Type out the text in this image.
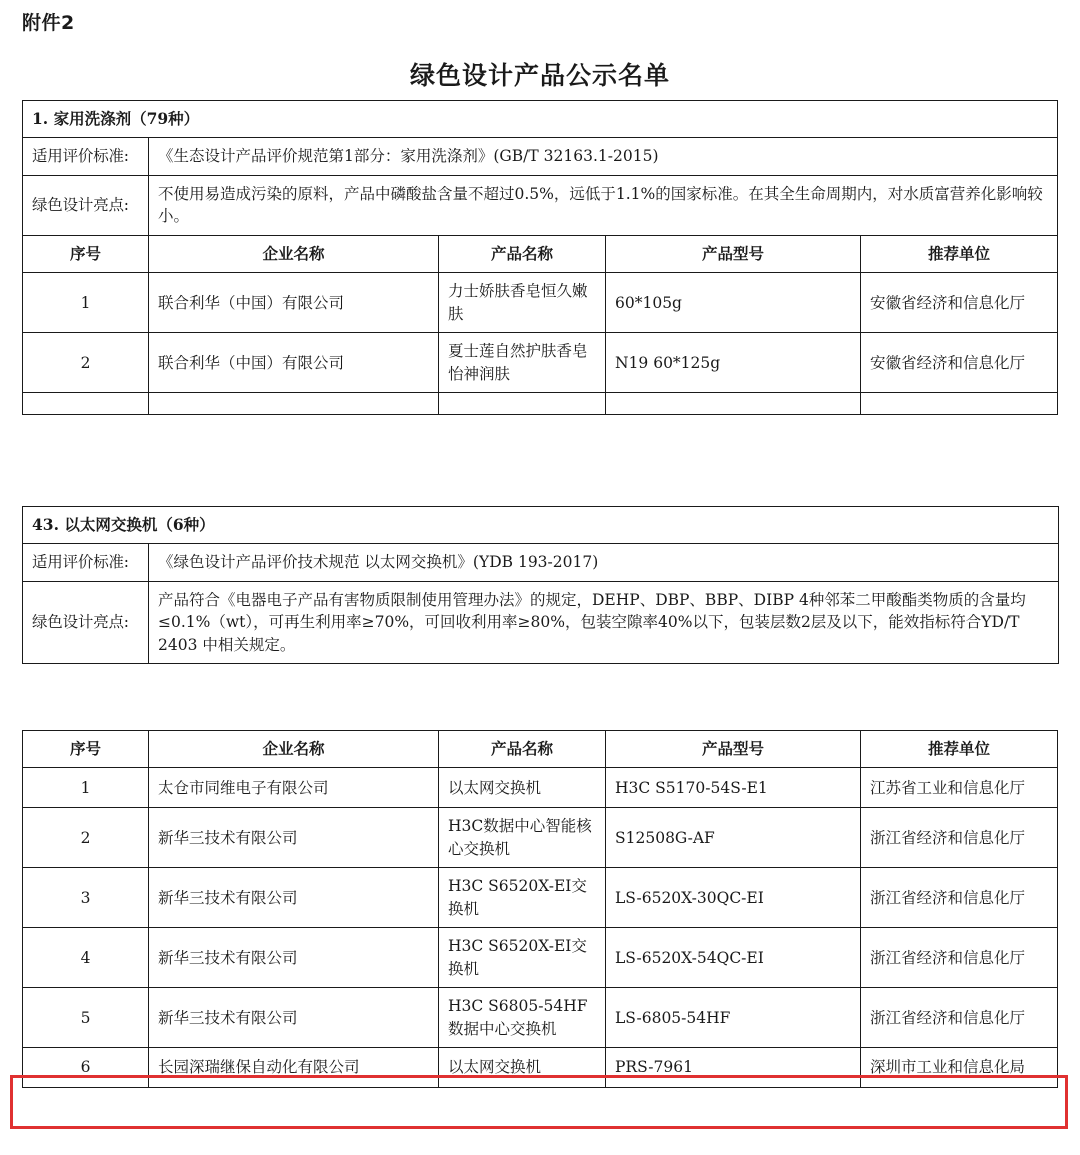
附件2
绿色设计产品公示名单
1. 家用洗涤剂（79种）				
适用评价标准:	《生态设计产品评价规范第1部分：家用洗涤剂》(GB/T 32163.1-2015)			
绿色设计亮点:	不使用易造成污染的原料，产品中磷酸盐含量不超过0.5%，远低于1.1%的国家标准。在其全生命周期内，对水质富营养化影响较小。			
序号	企业名称	产品名称	产品型号	推荐单位
1	联合利华（中国）有限公司	力士娇肤香皂恒久嫩肤	60*105g	安徽省经济和信息化厅
2	联合利华（中国）有限公司	夏士莲自然护肤香皂怡神润肤	N19 60*125g	安徽省经济和信息化厅

43. 以太网交换机（6种）	
适用评价标准:	《绿色设计产品评价技术规范 以太网交换机》(YDB 193-2017)
绿色设计亮点:	产品符合《电器电子产品有害物质限制使用管理办法》的规定，DEHP、DBP、BBP、DIBP 4种邻苯二甲酸酯类物质的含量均≤0.1%（wt），可再生利用率≥70%，可回收利用率≥80%，包装空隙率40%以下，包装层数2层及以下，能效指标符合YD/T 2403 中相关规定。
序号	企业名称	产品名称	产品型号	推荐单位
1	太仓市同维电子有限公司	以太网交换机	H3C S5170-54S-E1	江苏省工业和信息化厅
2	新华三技术有限公司	H3C数据中心智能核心交换机	S12508G-AF	浙江省经济和信息化厅
3	新华三技术有限公司	H3C S6520X-EI交换机	LS-6520X-30QC-EI	浙江省经济和信息化厅
4	新华三技术有限公司	H3C S6520X-EI交换机	LS-6520X-54QC-EI	浙江省经济和信息化厅
5	新华三技术有限公司	H3C S6805-54HF数据中心交换机	LS-6805-54HF	浙江省经济和信息化厅
6	长园深瑞继保自动化有限公司	以太网交换机	PRS-7961	深圳市工业和信息化局
